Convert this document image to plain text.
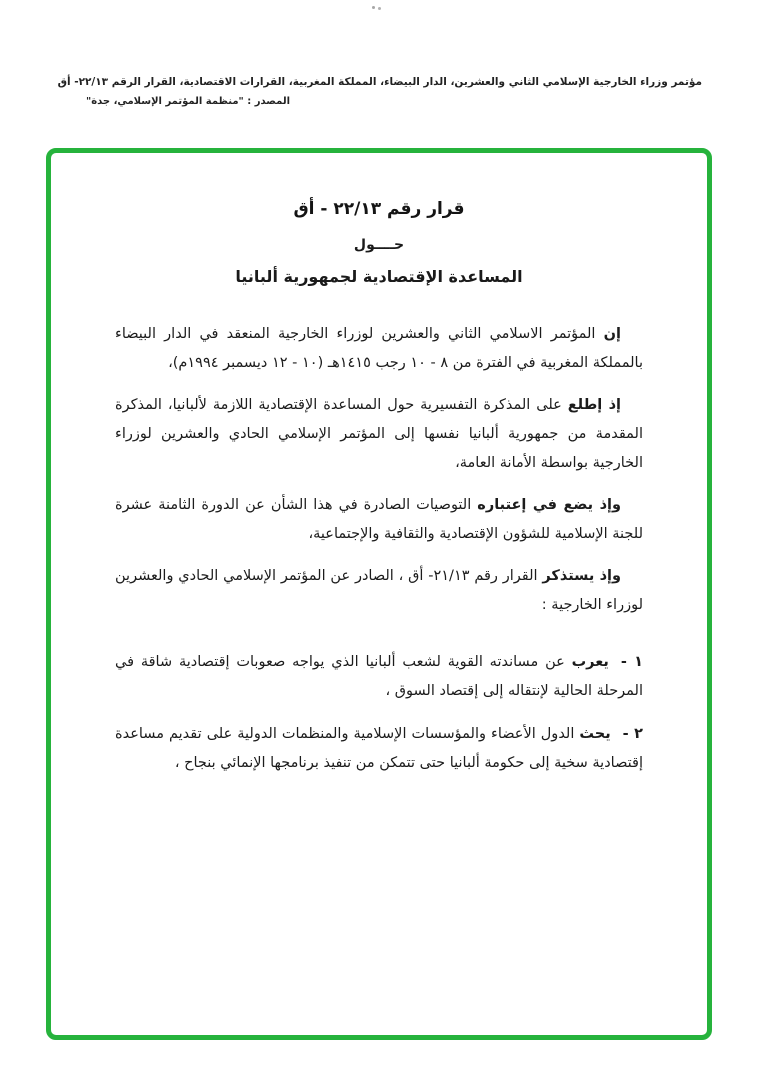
مؤتمر وزراء الخارجية الإسلامي الثاني والعشرين، الدار البيضاء، المملكة المغربية، القرارات الاقتصادية، القرار الرقم ٢٢/١٣- أق
المصدر : "منظمة المؤتمر الإسلامي، جدة"
قرار رقم ٢٢/١٣ - أق
حــــول
المساعدة الإقتصادية لجمهورية ألبانيا

إن المؤتمر الاسلامي الثاني والعشرين لوزراء الخارجية المنعقد في الدار البيضاء بالمملكة المغربية في الفترة من ٨ - ١٠ رجب ١٤١٥هـ (١٠ - ١٢ ديسمبر ١٩٩٤م)،

إذ إطلع على المذكرة التفسيرية حول المساعدة الإقتصادية اللازمة لألبانيا، المذكرة المقدمة من جمهورية ألبانيا نفسها إلى المؤتمر الإسلامي الحادي والعشرين لوزراء الخارجية بواسطة الأمانة العامة،

وإذ يضع في إعتباره التوصيات الصادرة في هذا الشأن عن الدورة الثامنة عشرة للجنة الإسلامية للشؤون الإقتصادية والثقافية والإجتماعية،

وإذ يستذكر القرار رقم ٢١/١٣- أق ، الصادر عن المؤتمر الإسلامي الحادي والعشرين لوزراء الخارجية :

١ -يعرب عن مساندته القوية لشعب ألبانيا الذي يواجه صعوبات إقتصادية شاقة في المرحلة الحالية لإنتقاله إلى إقتصاد السوق ،

٢ -يحث الدول الأعضاء والمؤسسات الإسلامية والمنظمات الدولية على تقديم مساعدة إقتصادية سخية إلى حكومة ألبانيا حتى تتمكن من تنفيذ برنامجها الإنمائي بنجاح ،
